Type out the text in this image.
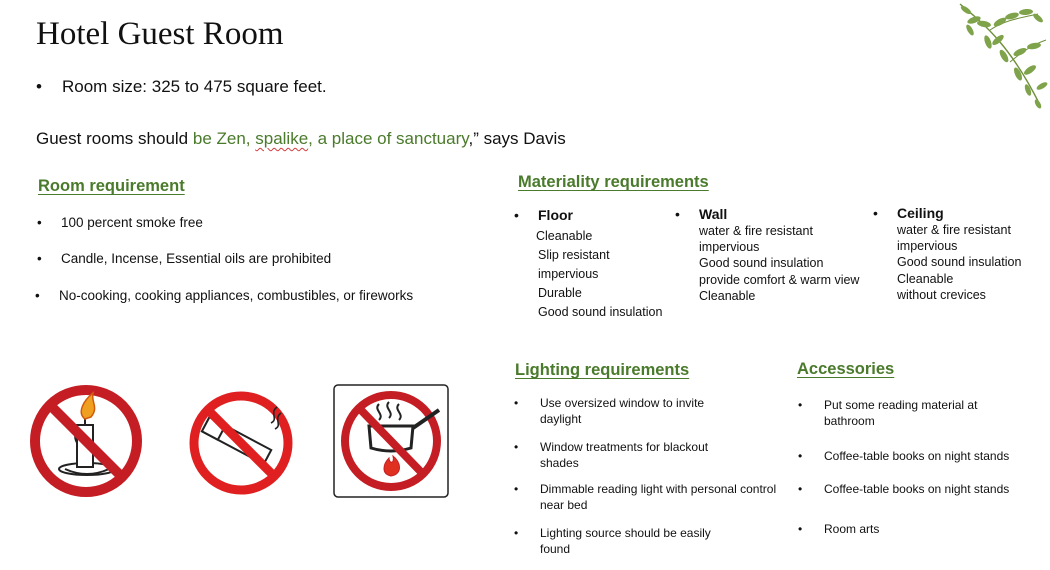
Hotel Guest Room
• Room size: 325 to 475 square feet.
Guest rooms should be Zen, spalike, a place of sanctuary,” says Davis
Room requirement
• 100 percent smoke free
• Candle, Incense, Essential oils are prohibited
• No-cooking, cooking appliances, combustibles, or fireworks
Materiality requirements
• Floor
Cleanable
Slip resistant
impervious
Durable
Good sound insulation
• Wall
water & fire resistant
impervious
Good sound insulation
provide comfort & warm view
Cleanable
• Ceiling
water & fire resistant
impervious
Good sound insulation
Cleanable
without crevices
Lighting requirements
• Use oversized window to invite daylight
• Window treatments for blackout shades
• Dimmable reading light with personal control near bed
• Lighting source should be easily found
Accessories
• Put some reading material at bathroom
• Coffee-table books on night stands
• Coffee-table books on night stands
• Room arts
